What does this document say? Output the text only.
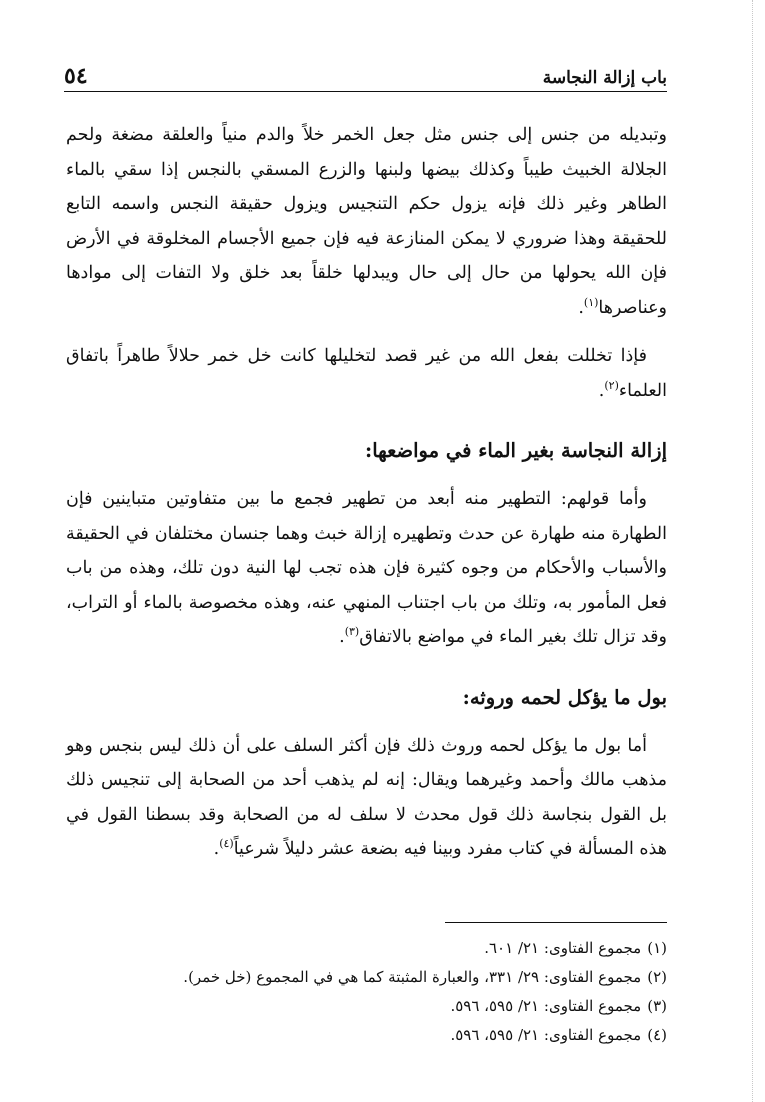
باب إزالة النجاسة
٥٤

وتبديله من جنس إلى جنس مثل جعل الخمر خلاً والدم منياً والعلقة مضغة ولحم الجلالة الخبيث طيباً وكذلك بيضها ولبنها والزرع المسقي بالنجس إذا سقي بالماء الطاهر وغير ذلك فإنه يزول حكم التنجيس ويزول حقيقة النجس واسمه التابع للحقيقة وهذا ضروري لا يمكن المنازعة فيه فإن جميع الأجسام المخلوقة في الأرض فإن الله يحولها من حال إلى حال ويبدلها خلقاً بعد خلق ولا التفات إلى موادها وعناصرها$^{(١)}$.

فإذا تخللت بفعل الله من غير قصد لتخليلها كانت خل خمر حلالاً طاهراً باتفاق العلماء$^{(٢)}$.

إزالة النجاسة بغير الماء في مواضعها:

وأما قولهم: التطهير منه أبعد من تطهير فجمع ما بين متفاوتين متباينين فإن الطهارة منه طهارة عن حدث وتطهيره إزالة خبث وهما جنسان مختلفان في الحقيقة والأسباب والأحكام من وجوه كثيرة فإن هذه تجب لها النية دون تلك، وهذه من باب فعل المأمور به، وتلك من باب اجتناب المنهي عنه، وهذه مخصوصة بالماء أو التراب، وقد تزال تلك بغير الماء في مواضع بالاتفاق$^{(٣)}$.

بول ما يؤكل لحمه وروثه:

أما بول ما يؤكل لحمه وروث ذلك فإن أكثر السلف على أن ذلك ليس بنجس وهو مذهب مالك وأحمد وغيرهما ويقال: إنه لم يذهب أحد من الصحابة إلى تنجيس ذلك بل القول بنجاسة ذلك قول محدث لا سلف له من الصحابة وقد بسطنا القول في هذه المسألة في كتاب مفرد وبينا فيه بضعة عشر دليلاً شرعياً$^{(٤)}$.

(١)
مجموع الفتاوى: ٢١/ ٦٠١.
(٢)
مجموع الفتاوى: ٢٩/ ٣٣١، والعبارة المثبتة كما هي في المجموع (خل خمر).
(٣)
مجموع الفتاوى: ٢١/ ٥٩٥، ٥٩٦.
(٤)
مجموع الفتاوى: ٢١/ ٥٩٥، ٥٩٦.
